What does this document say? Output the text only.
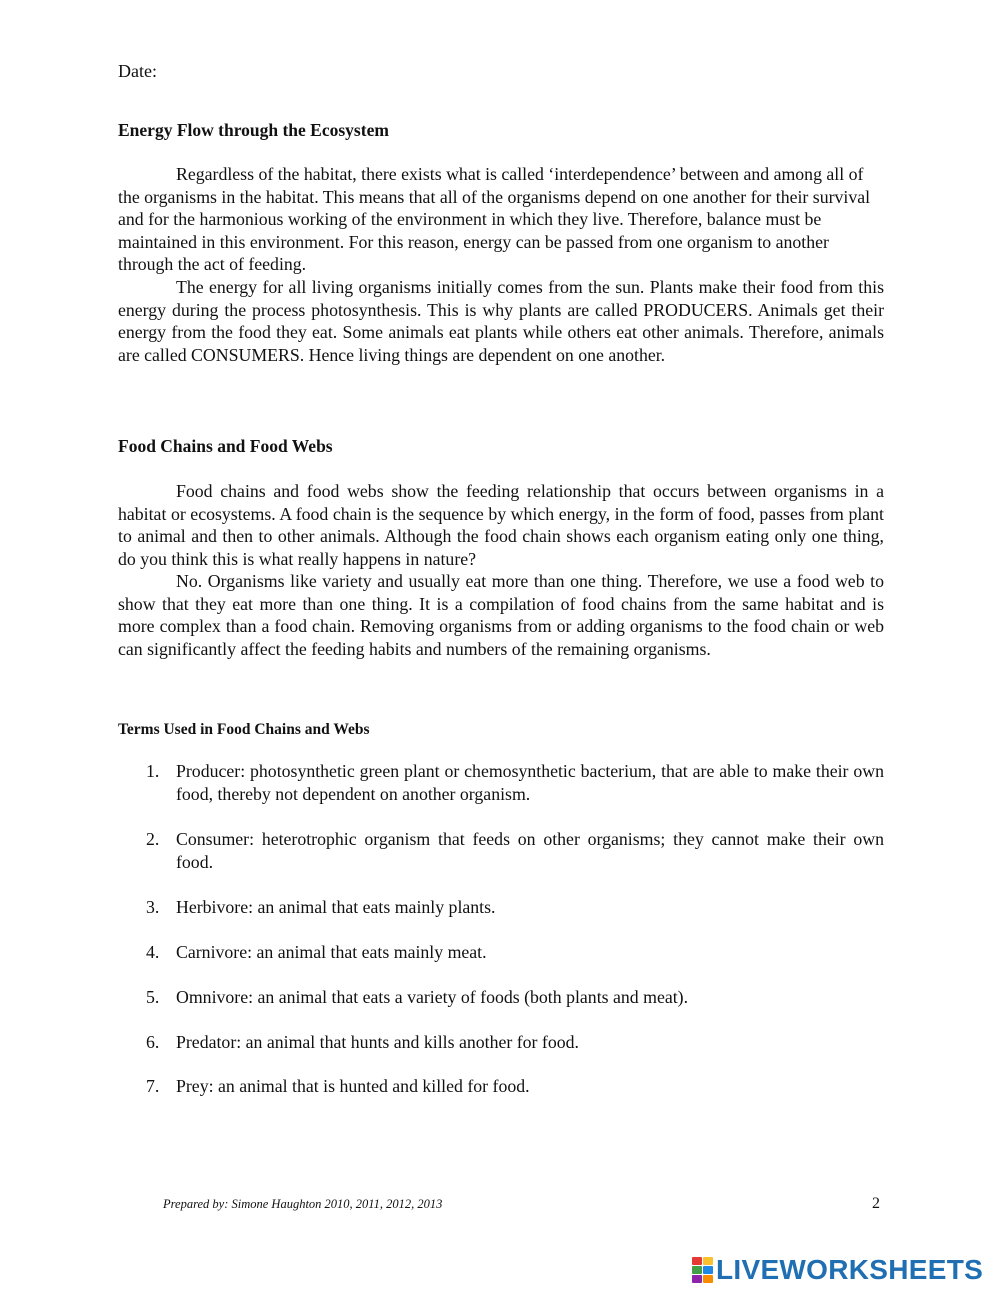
Date:
Energy Flow through the Ecosystem
Regardless of the habitat, there exists what is called ‘interdependence’ between and among all of the organisms in the habitat. This means that all of the organisms depend on one another for their survival and for the harmonious working of the environment in which they live. Therefore, balance must be maintained in this environment. For this reason, energy can be passed from one organism to another through the act of feeding.
The energy for all living organisms initially comes from the sun. Plants make their food from this energy during the process photosynthesis. This is why plants are called PRODUCERS. Animals get their energy from the food they eat. Some animals eat plants while others eat other animals. Therefore, animals are called CONSUMERS. Hence living things are dependent on one another.
Food Chains and Food Webs
Food chains and food webs show the feeding relationship that occurs between organisms in a habitat or ecosystems. A food chain is the sequence by which energy, in the form of food, passes from plant to animal and then to other animals. Although the food chain shows each organism eating only one thing, do you think this is what really happens in nature?
No. Organisms like variety and usually eat more than one thing. Therefore, we use a food web to show that they eat more than one thing. It is a compilation of food chains from the same habitat and is more complex than a food chain. Removing organisms from or adding organisms to the food chain or web can significantly affect the feeding habits and numbers of the remaining organisms.
Terms Used in Food Chains and Webs
1. Producer: photosynthetic green plant or chemosynthetic bacterium, that are able to make their own food, thereby not dependent on another organism.
2. Consumer: heterotrophic organism that feeds on other organisms; they cannot make their own food.
3. Herbivore: an animal that eats mainly plants.
4. Carnivore: an animal that eats mainly meat.
5. Omnivore: an animal that eats a variety of foods (both plants and meat).
6. Predator: an animal that hunts and kills another for food.
7. Prey: an animal that is hunted and killed for food.
Prepared by: Simone Haughton 2010, 2011, 2012, 2013	2
LIVEWORKSHEETS
